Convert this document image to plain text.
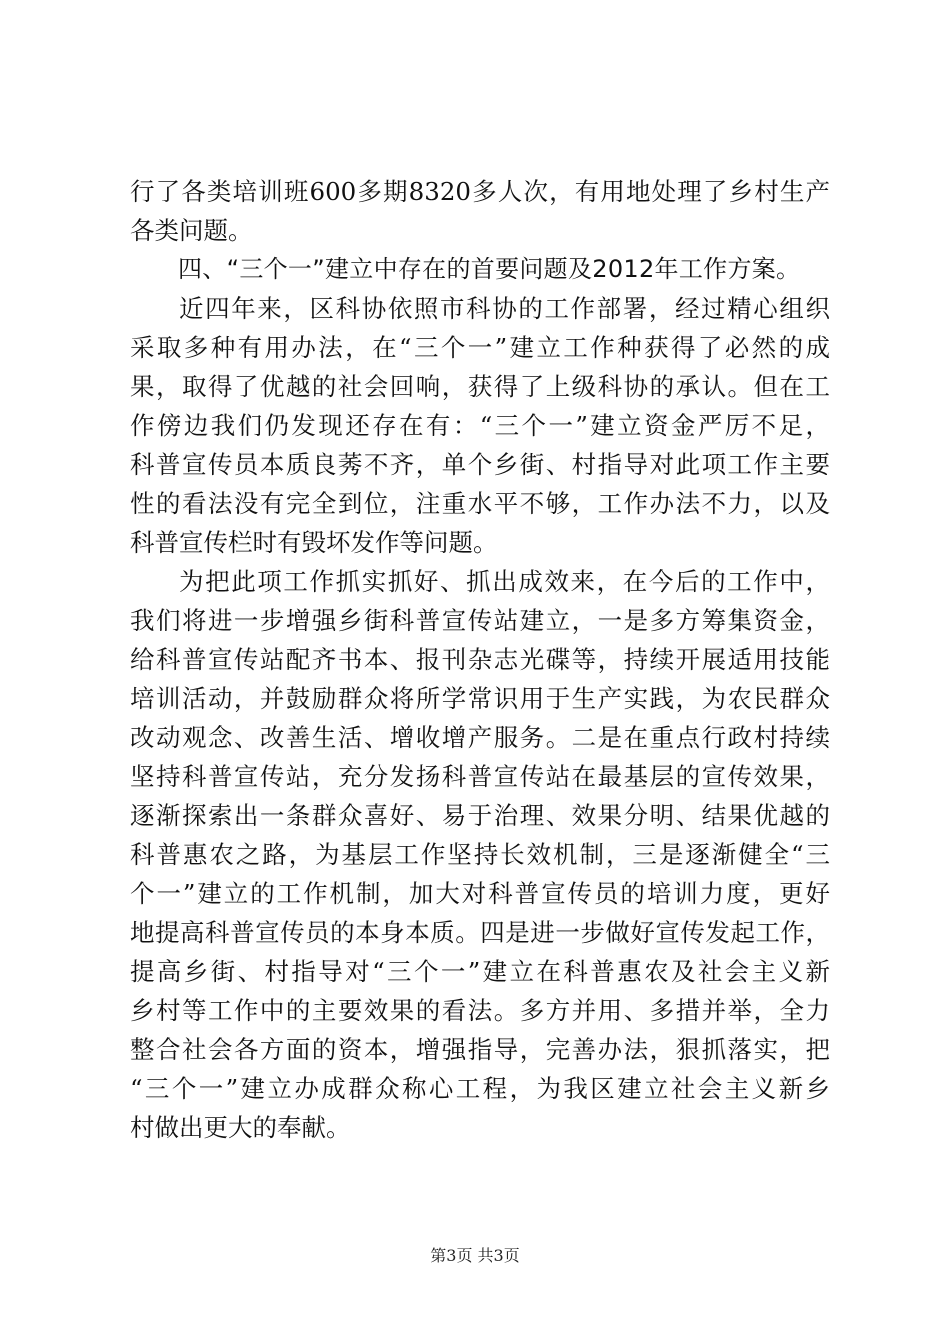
行了各类培训班600多期8320多人次，有用地处理了乡村生产
各类问题。
四、“三个一”建立中存在的首要问题及2012年工作方案。
近四年来，区科协依照市科协的工作部署，经过精心组织
采取多种有用办法，在“三个一”建立工作种获得了必然的成
果，取得了优越的社会回响，获得了上级科协的承认。但在工
作傍边我们仍发现还存在有：“三个一”建立资金严厉不足，
科普宣传员本质良莠不齐，单个乡街、村指导对此项工作主要
性的看法没有完全到位，注重水平不够，工作办法不力，以及
科普宣传栏时有毁坏发作等问题。
为把此项工作抓实抓好、抓出成效来，在今后的工作中，
我们将进一步增强乡街科普宣传站建立，一是多方筹集资金，
给科普宣传站配齐书本、报刊杂志光碟等，持续开展适用技能
培训活动，并鼓励群众将所学常识用于生产实践，为农民群众
改动观念、改善生活、增收增产服务。二是在重点行政村持续
坚持科普宣传站，充分发扬科普宣传站在最基层的宣传效果，
逐渐探索出一条群众喜好、易于治理、效果分明、结果优越的
科普惠农之路，为基层工作坚持长效机制，三是逐渐健全“三
个一”建立的工作机制，加大对科普宣传员的培训力度，更好
地提高科普宣传员的本身本质。四是进一步做好宣传发起工作，
提高乡街、村指导对“三个一”建立在科普惠农及社会主义新
乡村等工作中的主要效果的看法。多方并用、多措并举，全力
整合社会各方面的资本，增强指导，完善办法，狠抓落实，把
“三个一”建立办成群众称心工程，为我区建立社会主义新乡
村做出更大的奉献。
第3页 共3页
